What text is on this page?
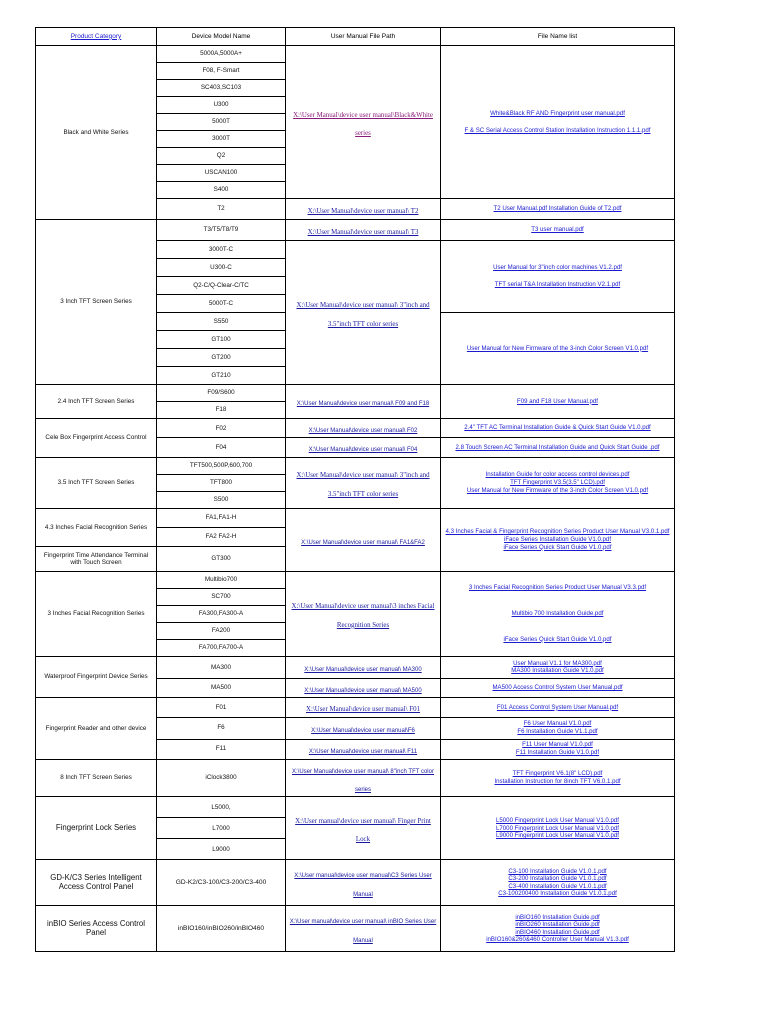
Product Category	Device Model Name	User Manual File Path	File Name list
Black and White Series	5000A,5000A+	X:\User Manual\device user manual\Black&White series	White&Black RF AND Fingerprint user manual.pdf
F & SC Serial Access Control Station Installation Instruction 1.1.1.pdf

	F08, F-Smart		
	SC403,SC103		
	U300		
	5000T		
	3000T		
	Q2		
	USCAN100		
	S400		
	T2	X:\User Manual\device user manual\ T2	T2 User Manual.pdf Installation Guide of T2.pdf

3 Inch TFT Screen Series	T3/T5/T8/T9	X:\User Manual\device user manual\ T3	T3 user manual.pdf

	3000T-C	X:\User Manual\device user manual\ 3"inch and 3.5"inch TFT color series	User Manual for 3"inch color machines V1.2.pdf
TFT serial T&A Installation Instruction V2.1.pdf

	U300-C		
	Q2-C/Q-Clear-C/TC		
	5000T-C		
	S550		User Manual for New Firmware of the 3-inch Color Screen V1.0.pdf

	GT100		
	GT200		
	GT210		
2.4 Inch TFT Screen Series	F09/S600	X:\User Manual\device user manual\ F09 and F18	F09 and F18 User Manual.pdf

	F18		
Cele Box Fingerprint Access Control	F02	X:\User Manual\device user manual\ F02	2.4" TFT AC Terminal Installation Guide & Quick Start Guide V1.0.pdf

	F04	X:\User Manual\device user manual\ F04	2.8 Touch Screen AC Terminal Installation Guide and Quick Start Guide .pdf

3.5 Inch TFT Screen Series	TFT500,500P,600,700	X:\User Manual\device user manual\ 3"inch and 3.5"inch TFT color series	Installation Guide for color access control devices.pdf
TFT Fingerprint V3.5(3.5" LCD).pdf
User Manual for New Firmware of the 3-inch Color Screen V1.0.pdf

	TFT800		
	S500		
4.3 Inches Facial Recognition Series	FA1,FA1-H	X:\User Manual\device user manual\ FA1&FA2	4.3 Inches Facial & Fingerprint Recognition Series Product User Manual V3.0.1.pdf
iFace Series Installation Guide V1.0.pdf
iFace Series Quick Start Guide V1.0.pdf

	FA2 FA2-H		
Fingerprint Time Attendance Terminal with Touch Screen	GT300		
3 Inches Facial Recognition Series	Multibio700	X:\User Manual\device user manual\3 inches Facial Recognition Series	3 Inches Facial Recognition Series Product User Manual V3.3.pdf
Multibio 700 Installation Guide.pdf
iFace Series Quick Start Guide V1.0.pdf

	SC700		
	FA300,FA300-A		
	FA200		
	FA700,FA700-A		
Waterproof Fingerprint Device Series	MA300	X:\User Manual\device user manual\ MA300	User Manual V1.1 for MA300.pdf
MA300 Installation Guide V1.0.pdf

	MA500	X:\User Manual\device user manual\ MA500	MA500 Access Control System User Manual.pdf

Fingerprint Reader and other device	F01	X:\User Manual\device user manual\ F01	F01 Access Control System User Manual.pdf

	F6	X:\User Manual\device user manual\F6	F6 User Manual V1.0.pdf
F6 Installation Guide V1.1.pdf

	F11	X:\User Manual\device user manual\ F11	F11 User Manual V1.0.pdf
F11 Installation Guide V1.0.pdf

8 Inch TFT Screen Series	iClock3800	X:\User Manual\device user manual\ 8"inch TFT color series	TFT Fingerprint V6.1(8" LCD).pdf
Installation Instruction for 8inch TFT V6.0.1.pdf

Fingerprint Lock Series	L5000,	X:\User manual\device user manual\ Finger Print Lock	L5000 Fingerprint Lock User Manual V1.0.pdf
L7000 Fingerprint Lock User Manual V1.0.pdf
L9000 Fingerprint Lock User Manual V1.0.pdf

	L7000		
	L9000		
GD-K/C3 Series Intelligent Access Control Panel	GD-K2/C3-100/C3-200/C3-400	X:\User manual\device user manual\C3 Series User Manual	C3-100 Installation Guide V1.0.1.pdf
C3-200 Installation Guide V1.0.1.pdf
C3-400 Installation Guide V1.0.1.pdf
C3-100200400 Installation Guide V1.0.1.pdf

inBIO Series Access Control Panel	inBIO160/inBIO260/inBIO460	X:\User manual\device user manual\ inBIO Series User Manual	inBIO160 Installation Guide.pdf
inBIO260 Installation Guide.pdf
inBIO460 Installation Guide.pdf
inBIO160&260&460 Controller User Manual V1.3.pdf
